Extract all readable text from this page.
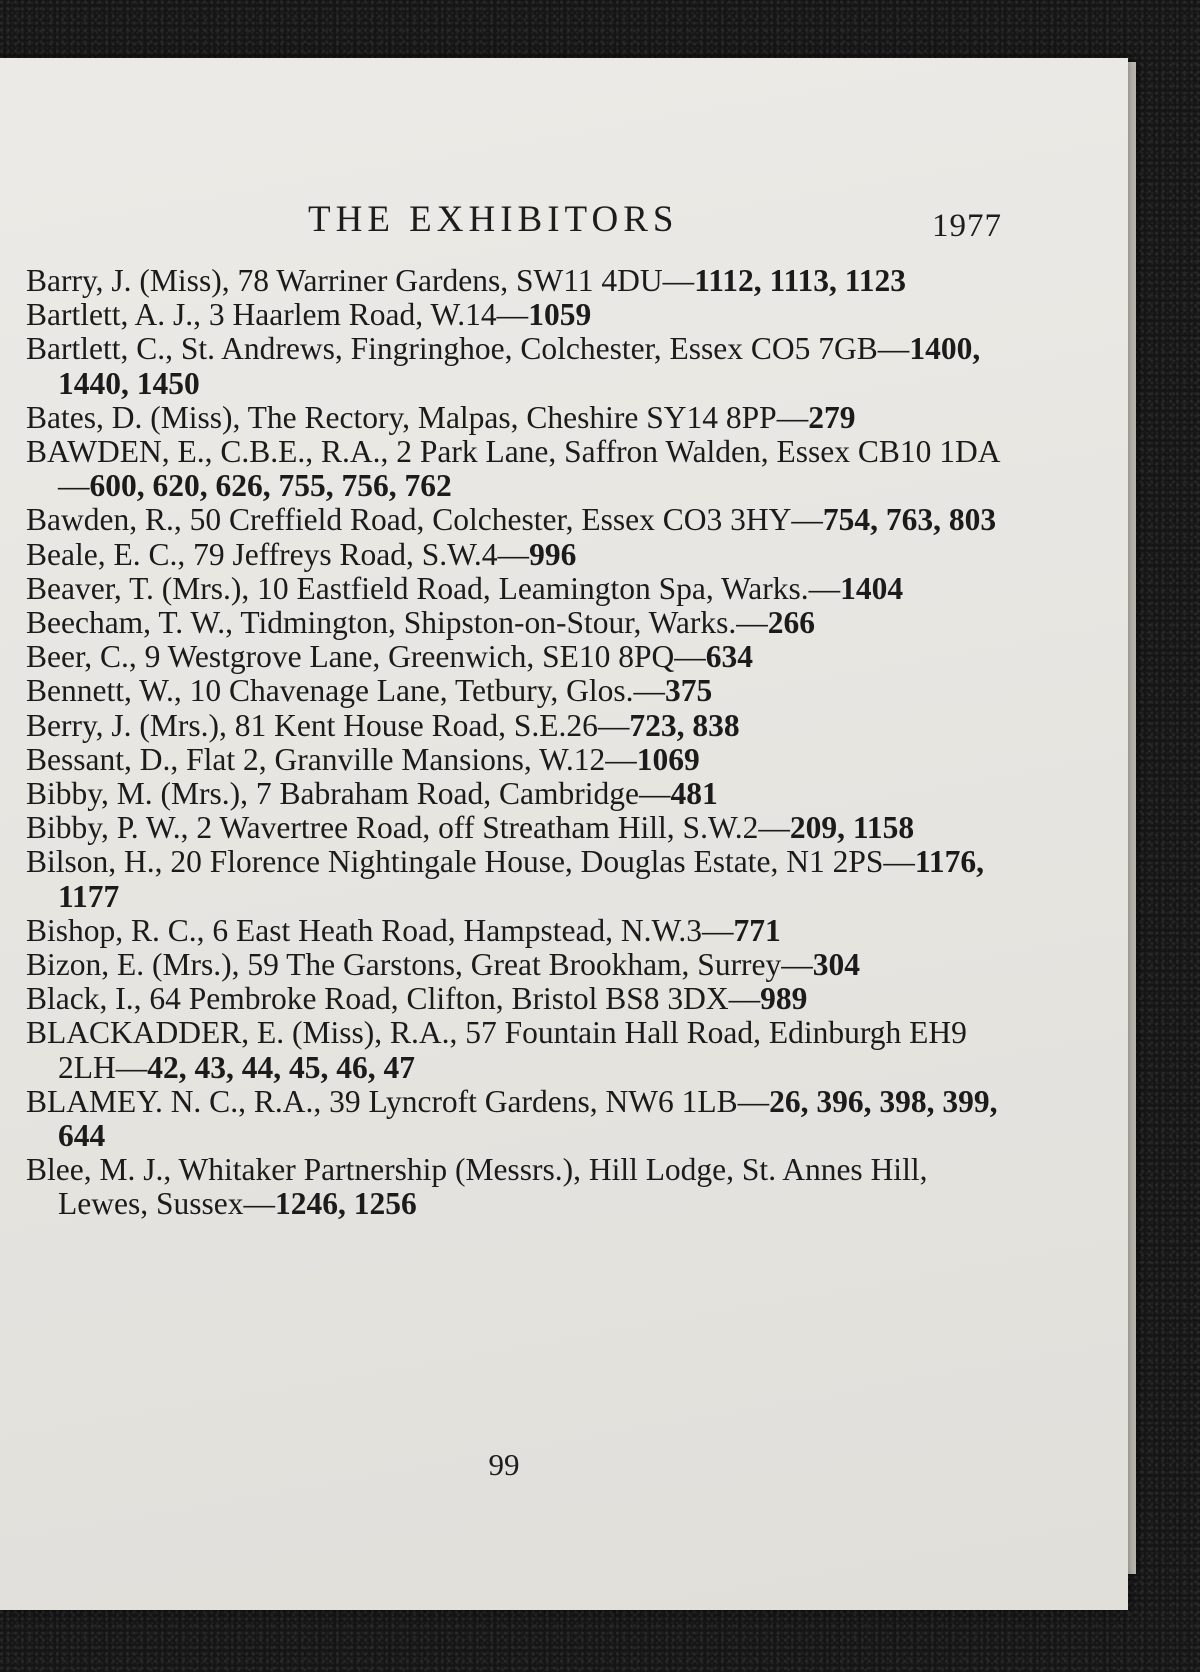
THE EXHIBITORS	1977

Barry, J. (Miss), 78 Warriner Gardens, SW11 4DU—1112, 1113, 1123

Bartlett, A. J., 3 Haarlem Road, W.14—1059

Bartlett, C., St. Andrews, Fingringhoe, Colchester, Essex CO5 7GB—1400, 1440, 1450

Bates, D. (Miss), The Rectory, Malpas, Cheshire SY14 8PP—279

BAWDEN, E., C.B.E., R.A., 2 Park Lane, Saffron Walden, Essex CB10 1DA—600, 620, 626, 755, 756, 762

Bawden, R., 50 Creffield Road, Colchester, Essex CO3 3HY—754, 763, 803

Beale, E. C., 79 Jeffreys Road, S.W.4—996

Beaver, T. (Mrs.), 10 Eastfield Road, Leamington Spa, Warks.—1404

Beecham, T. W., Tidmington, Shipston-on-Stour, Warks.—266

Beer, C., 9 Westgrove Lane, Greenwich, SE10 8PQ—634

Bennett, W., 10 Chavenage Lane, Tetbury, Glos.—375

Berry, J. (Mrs.), 81 Kent House Road, S.E.26—723, 838

Bessant, D., Flat 2, Granville Mansions, W.12—1069

Bibby, M. (Mrs.), 7 Babraham Road, Cambridge—481

Bibby, P. W., 2 Wavertree Road, off Streatham Hill, S.W.2—209, 1158

Bilson, H., 20 Florence Nightingale House, Douglas Estate, N1 2PS—1176, 1177

Bishop, R. C., 6 East Heath Road, Hampstead, N.W.3—771

Bizon, E. (Mrs.), 59 The Garstons, Great Brookham, Surrey—304

Black, I., 64 Pembroke Road, Clifton, Bristol BS8 3DX—989

BLACKADDER, E. (Miss), R.A., 57 Fountain Hall Road, Edinburgh EH9 2LH—42, 43, 44, 45, 46, 47

BLAMEY. N. C., R.A., 39 Lyncroft Gardens, NW6 1LB—26, 396, 398, 399, 644

Blee, M. J., Whitaker Partnership (Messrs.), Hill Lodge, St. Annes Hill, Lewes, Sussex—1246, 1256

99
